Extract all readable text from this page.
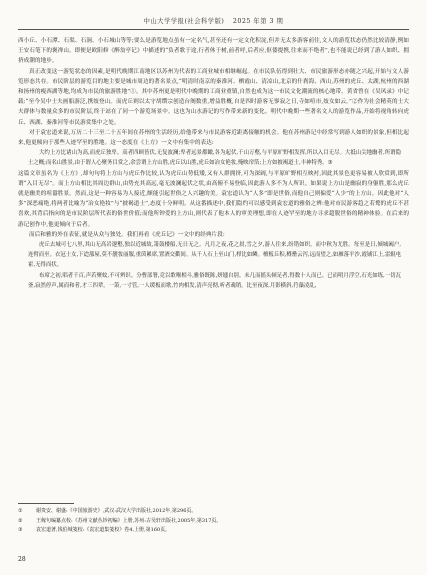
中山大学学报(社会科学版) 2025 年第 3 期

西小丘、小石潭、石渠、石涧、小石城山等等;要么是游览地点虽有一定名气,甚至还有一定文化积淀,但并无太多游客前往,文人的游览状态仍然比较清静,例如王安石笔下的褒禅山。即便是欧阳修《醉翁亭记》中描述的“负者歌于途,行者休于树,前者呼,后者应,伛偻提携,往来而不绝者”,也不能说已经到了游人如织、拥挤成潮的地步。

真正改变这一游览状态的因素,是明代晚期江南地区以苏州为代表的工商业城市相继崛起。在市民队伍得到壮大、市民旅游形态亦随之兴起,开始与文人游览形态共存。市民阶层的游览目的地主要是城市周边的著名景点,“明清时南京的秦淮河、栖霞山、清凉山,北京的什刹海、西山,苏州的虎丘、太湖,杭州的西湖和扬州的瘦西湖等地,均成为市民的旅游胜地”①。其中苏州更是明代中晚期的工商业重镇,自然也成为这一市民文化潮流的核心地带。黄省曾在《吴风录》中记载:“至今吴中士夫画船游泛,携妓登山。而虎丘则以太守胡缵宗创造台阁数重,增益胜概,自是四时游客无寥寂之日,寺如喧市,妓女如云。”②作为社会精英的士大夫群体与数量众多的市民阶层,终于站在了同一个游览场景中。这也为山水游记的写作带来新的变化。明代中晚期一些著名文人的游览作品,开始将视角转向虎丘、西湖、秦淮河等市民游赏集中之处。

对于袁宏道来说,万历二十三至二十五年间在苏州的生活经历,给他带来与市民游客近距离接触的机会。他在苏州游记中经常写到游人如织的景象,但相比起来,他更倾向于那些人迹罕至的胜地。这一态度在《上方》一文中有集中的表达:

大约上方比诸山为高,而虎丘独卑。高者四顾皆伏,无复波澜;卑者远景都瞰,各为起伏,千山万壑,与平原旷野相发挥,所以入目无尽。大抵山尖地幽者,所谓隐士之概;而名山胜景,由于谓人心聚务目赏之,余尝谓上方山胜,虎丘以山胜,虎丘如冶女艳妆,掩映帘箔;上方如披褐道士,丰神特秀。③

这篇文章虽名为《上方》,却句句将上方山与虎丘作比较,认为虎丘山势低矮,又有人群拥挤,可为深阔,与平原旷野相互映衬,因此其景色更容易被人欣赏到,即所谓“入目无尽”。而上方山相比其周边群山,由势充其高远,毫无波澜起伏之状,由高俯不易登临,因此游人多不为人所识。如果说上方山是幽寂的身躯胜,那么虎丘就是幽美的喧嚣胜景。然而,这是一种容易为人接近,颇能引起世俗之人兴趣的美。袁宏道认为“人多”即是世俗,而他自己则偏爱“人少”的上方山。因此他对“人多”深恶痛绝,将两者比喻为“冶女艳妆”与“披褐道士”,态度十分鲜明。从这番描述中,我们隐约可以感受到袁宏道的雅俗之辨:他对市民游客趋之若鹜的虎丘不甚喜欢,其背后指向的是市民阶层所代表的俗世价值;而他所钟爱的上方山,则代表了他本人的审美理想,即在人迹罕至的地方寻求超脱世俗的精神体验。在后来的游记创作中,他更倾向于后者。

而后和雅的外在表征,就是从众与独处。我们再看《虎丘记》一文中的经典片段:

虎丘去城可七八里,其山无高岩邃壑,独以近城故,箫鼓楼船,无日无之。凡月之夜,花之晨,雪之夕,游人往来,纷错如织。而中秋为尤胜。每至是日,倾城阖户,连臂而至。衣冠士女,下迨蔀屋,莫不靓妆丽服,重茵累席,置酒交衢间。从千人石上至山门,栉比如鳞。檀板丘积,樽罍云泻,远而望之,如雁落平沙,霞铺江上,雷辊电霍,无得而状。

布席之初,唱者千百,声若聚蚊,不可辨识。分曹部署,竞以歌喉相斗,雅俗既陈,妍媸自别。未几而摇头顿足者,得数十人而已。已而明月浮空,石光如练,一切瓦釜,寂然停声,属而和者,才三四辈。一箫,一寸管,一人缓板而歌,竹肉相发,清声亮彻,听者魂销。比至夜深,月影横斜,荇藻凌乱,

①	谢贵安、谢盛:《中国旅游史》,武汉:武汉大学出版社,2012年,第296页。
②	王稼句编纂点校:《苏州文献丛钞初编》上册,苏州:古吴轩出版社,2005年,第317页。
③	袁宏道著,钱伯城笺校:《袁宏道集笺校》卷4,上册,第160页。
28
